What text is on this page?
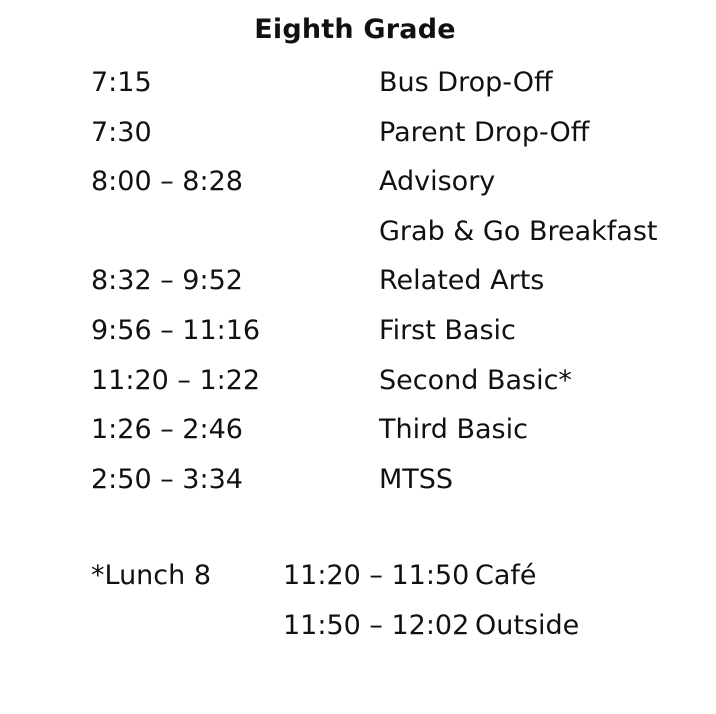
Eighth Grade
7:15	Bus Drop-Off
7:30	Parent Drop-Off
8:00 – 8:28	Advisory
Grab & Go Breakfast
8:32 – 9:52	Related Arts
9:56 – 11:16	First Basic
11:20 – 1:22	Second Basic*
1:26 – 2:46	Third Basic
2:50 – 3:34	MTSS
*Lunch 8	11:20 – 11:50 Café
11:50 – 12:02 Outside
